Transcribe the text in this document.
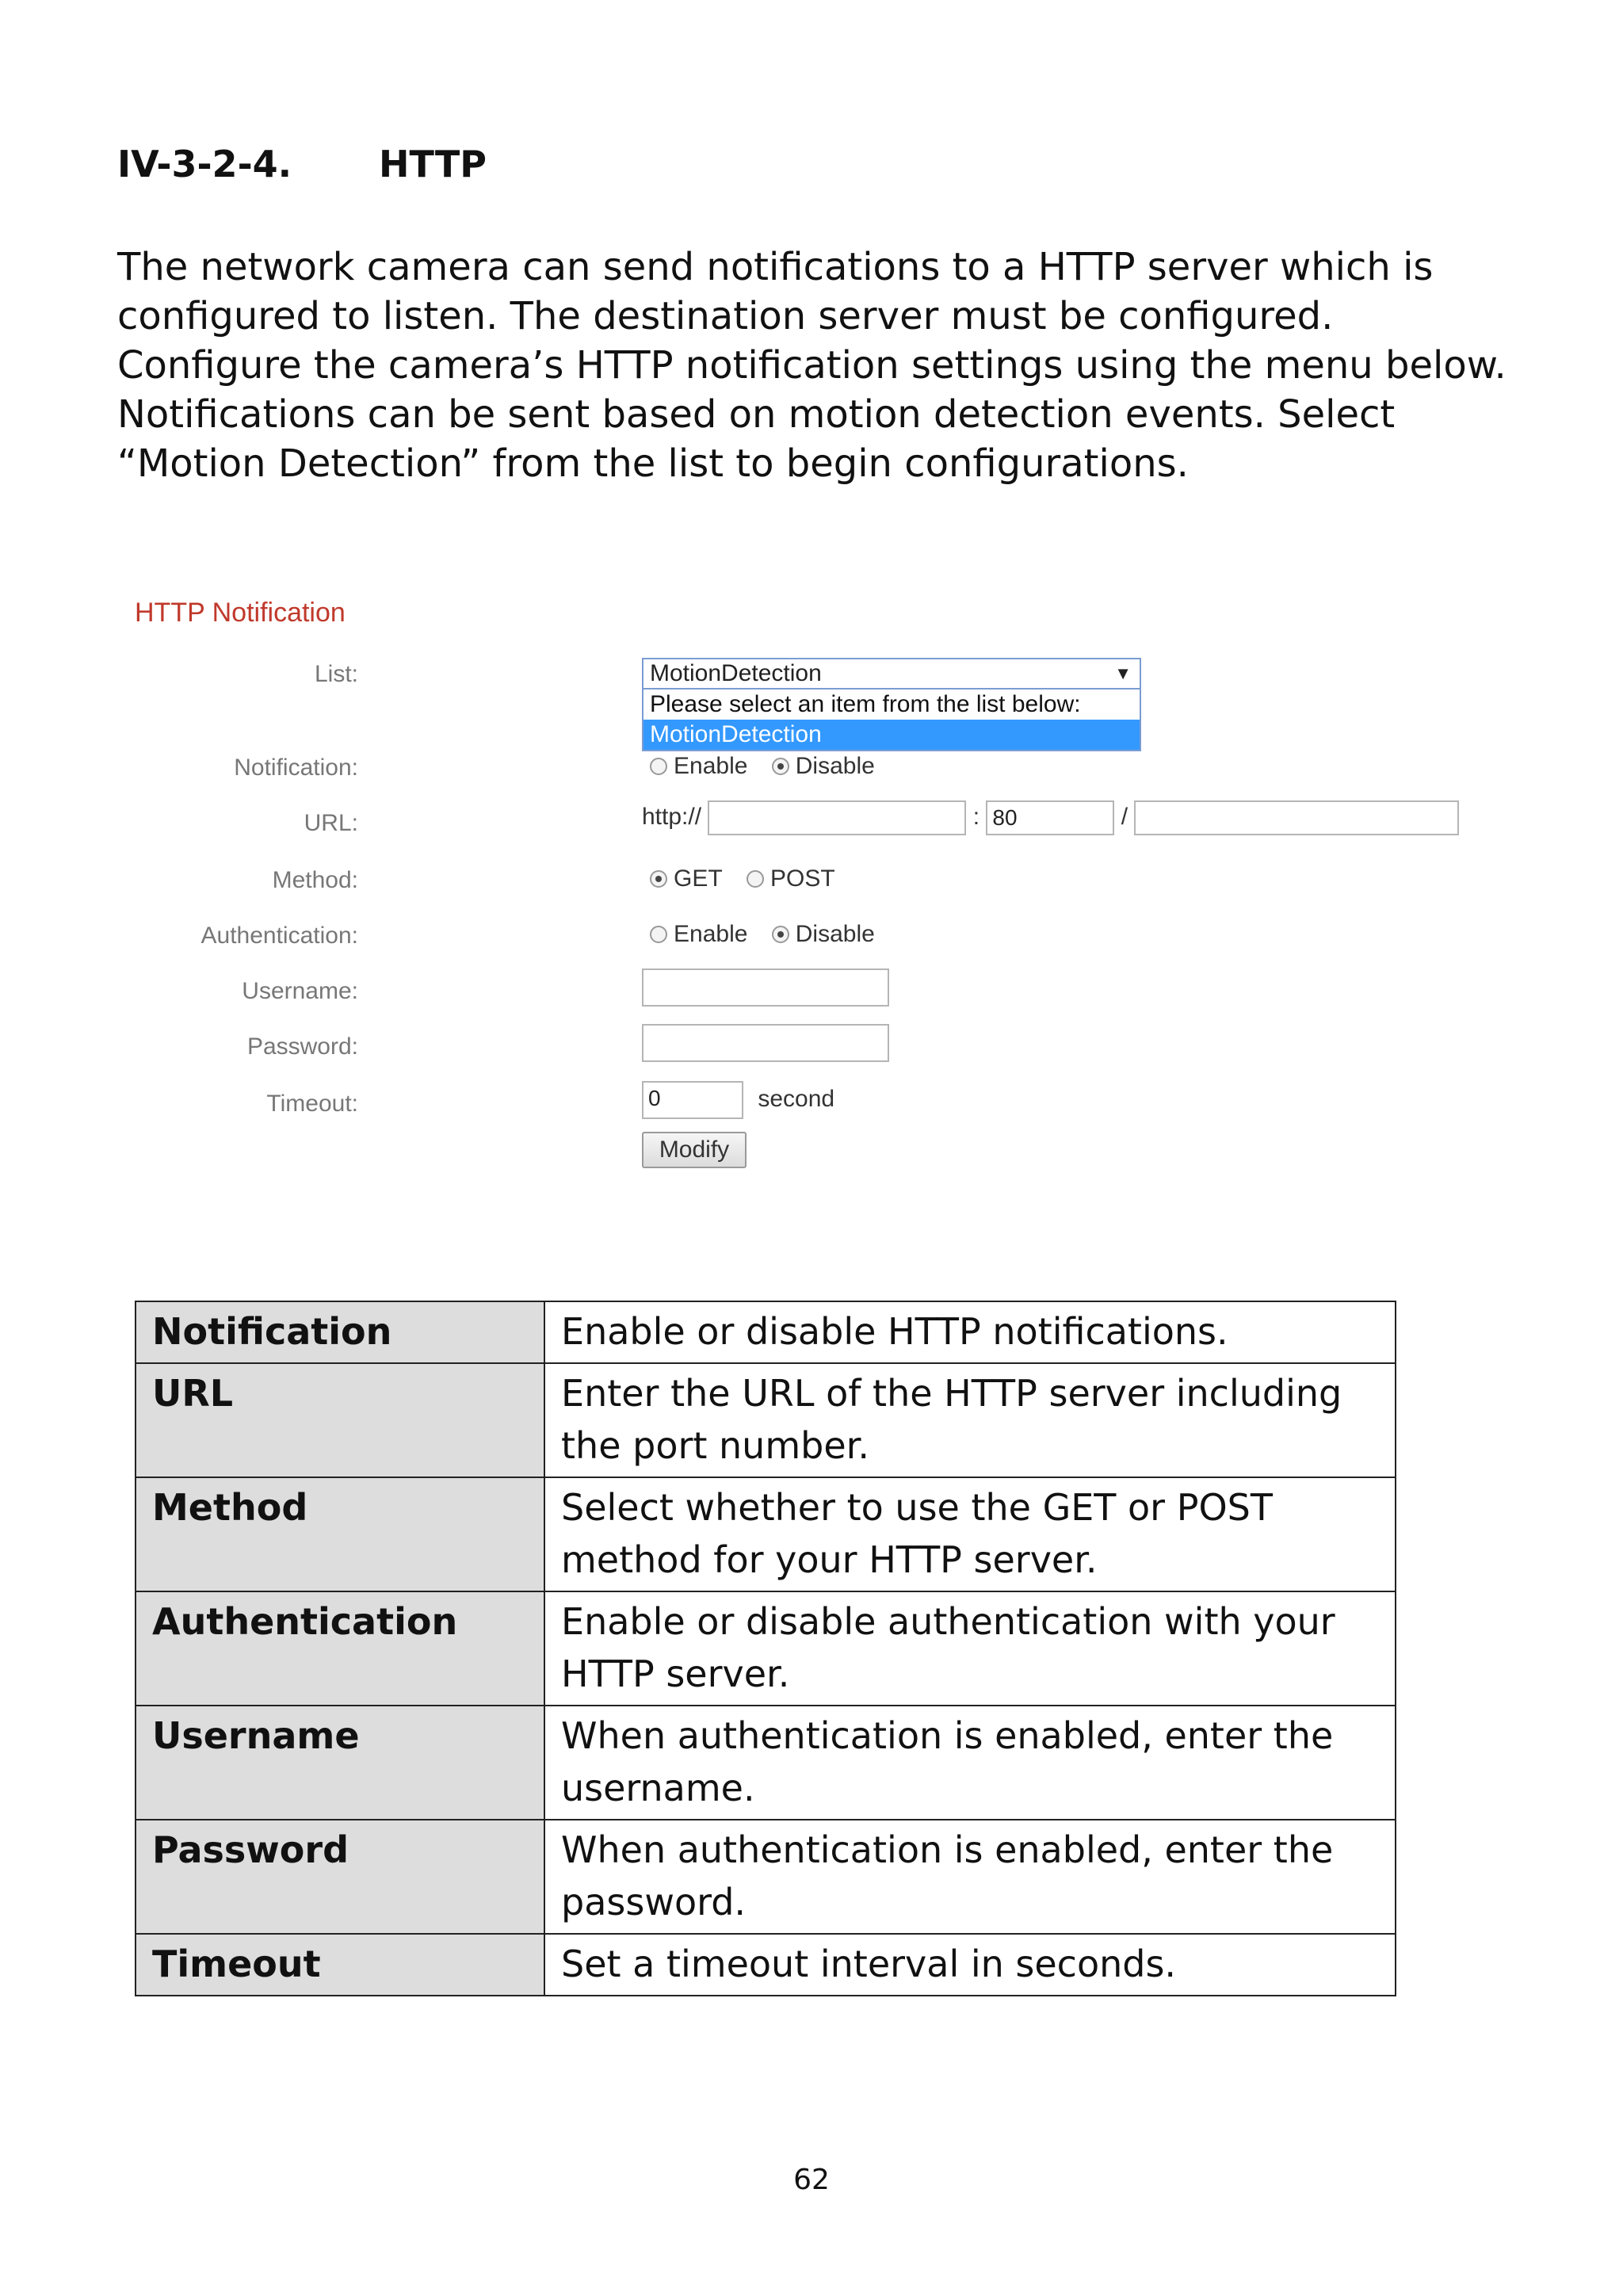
IV-3-2-4. HTTP
The network camera can send notifications to a HTTP server which is configured to listen. The destination server must be configured. Configure the camera’s HTTP notification settings using the menu below. Notifications can be sent based on motion detection events. Select “Motion Detection” from the list to begin configurations.
HTTP Notification
List:	MotionDetection	▼
Please select an item from the list below:
MotionDetection
Notification:	Enable Disable
URL:	http://	: 80	/
Method:	GET POST
Authentication:	Enable Disable
Username:
Password:
Timeout:	0	second
Modify
Notification	Enable or disable HTTP notifications.
URL	Enter the URL of the HTTP server including the port number.
Method	Select whether to use the GET or POST method for your HTTP server.
Authentication	Enable or disable authentication with your HTTP server.
Username	When authentication is enabled, enter the username.
Password	When authentication is enabled, enter the password.
Timeout	Set a timeout interval in seconds.
62
